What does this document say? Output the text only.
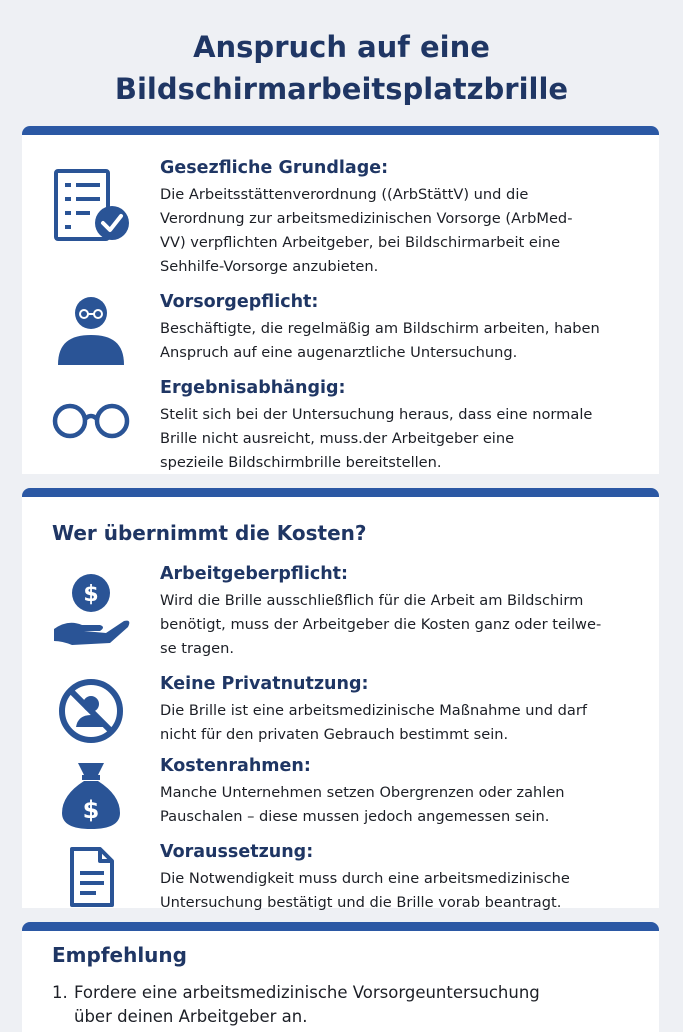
Anspruch auf eine
Bildschirmarbeitsplatzbrille
Gesezfliche Grundlage:
Die Arbeitsstättenverordnung ((ArbStättV) und die
Verordnung zur arbeitsmedizinischen Vorsorge (ArbMed-
VV) verpflichten Arbeitgeber, bei Bildschirmarbeit eine
Sehhilfe-Vorsorge anzubieten.
Vorsorgepflicht:
Beschäftigte, die regelmäßig am Bildschirm arbeiten, haben
Anspruch auf eine augenarztliche Untersuchung.
Ergebnisabhängig:
Stelit sich bei der Untersuchung heraus, dass eine normale
Brille nicht ausreicht, muss.der Arbeitgeber eine
spezieile Bildschirmbrille bereitstellen.
Wer übernimmt die Kosten?
$
Arbeitgeberpflicht:
Wird die Brille ausschließflich für die Arbeit am Bildschirm
benötigt, muss der Arbeitgeber die Kosten ganz oder teilwe-
se tragen.
Keine Privatnutzung:
Die Brille ist eine arbeitsmedizinische Maßnahme und darf
nicht für den privaten Gebrauch bestimmt sein.
$
Kostenrahmen:
Manche Unternehmen setzen Obergrenzen oder zahlen
Pauschalen – diese mussen jedoch angemessen sein.
Voraussetzung:
Die Notwendigkeit muss durch eine arbeitsmedizinische
Untersuchung bestätigt und die Brille vorab beantragt.
Empfehlung
1. Fordere eine arbeitsmedizinische Vorsorgeuntersuchung
über deinen Arbeitgeber an.
